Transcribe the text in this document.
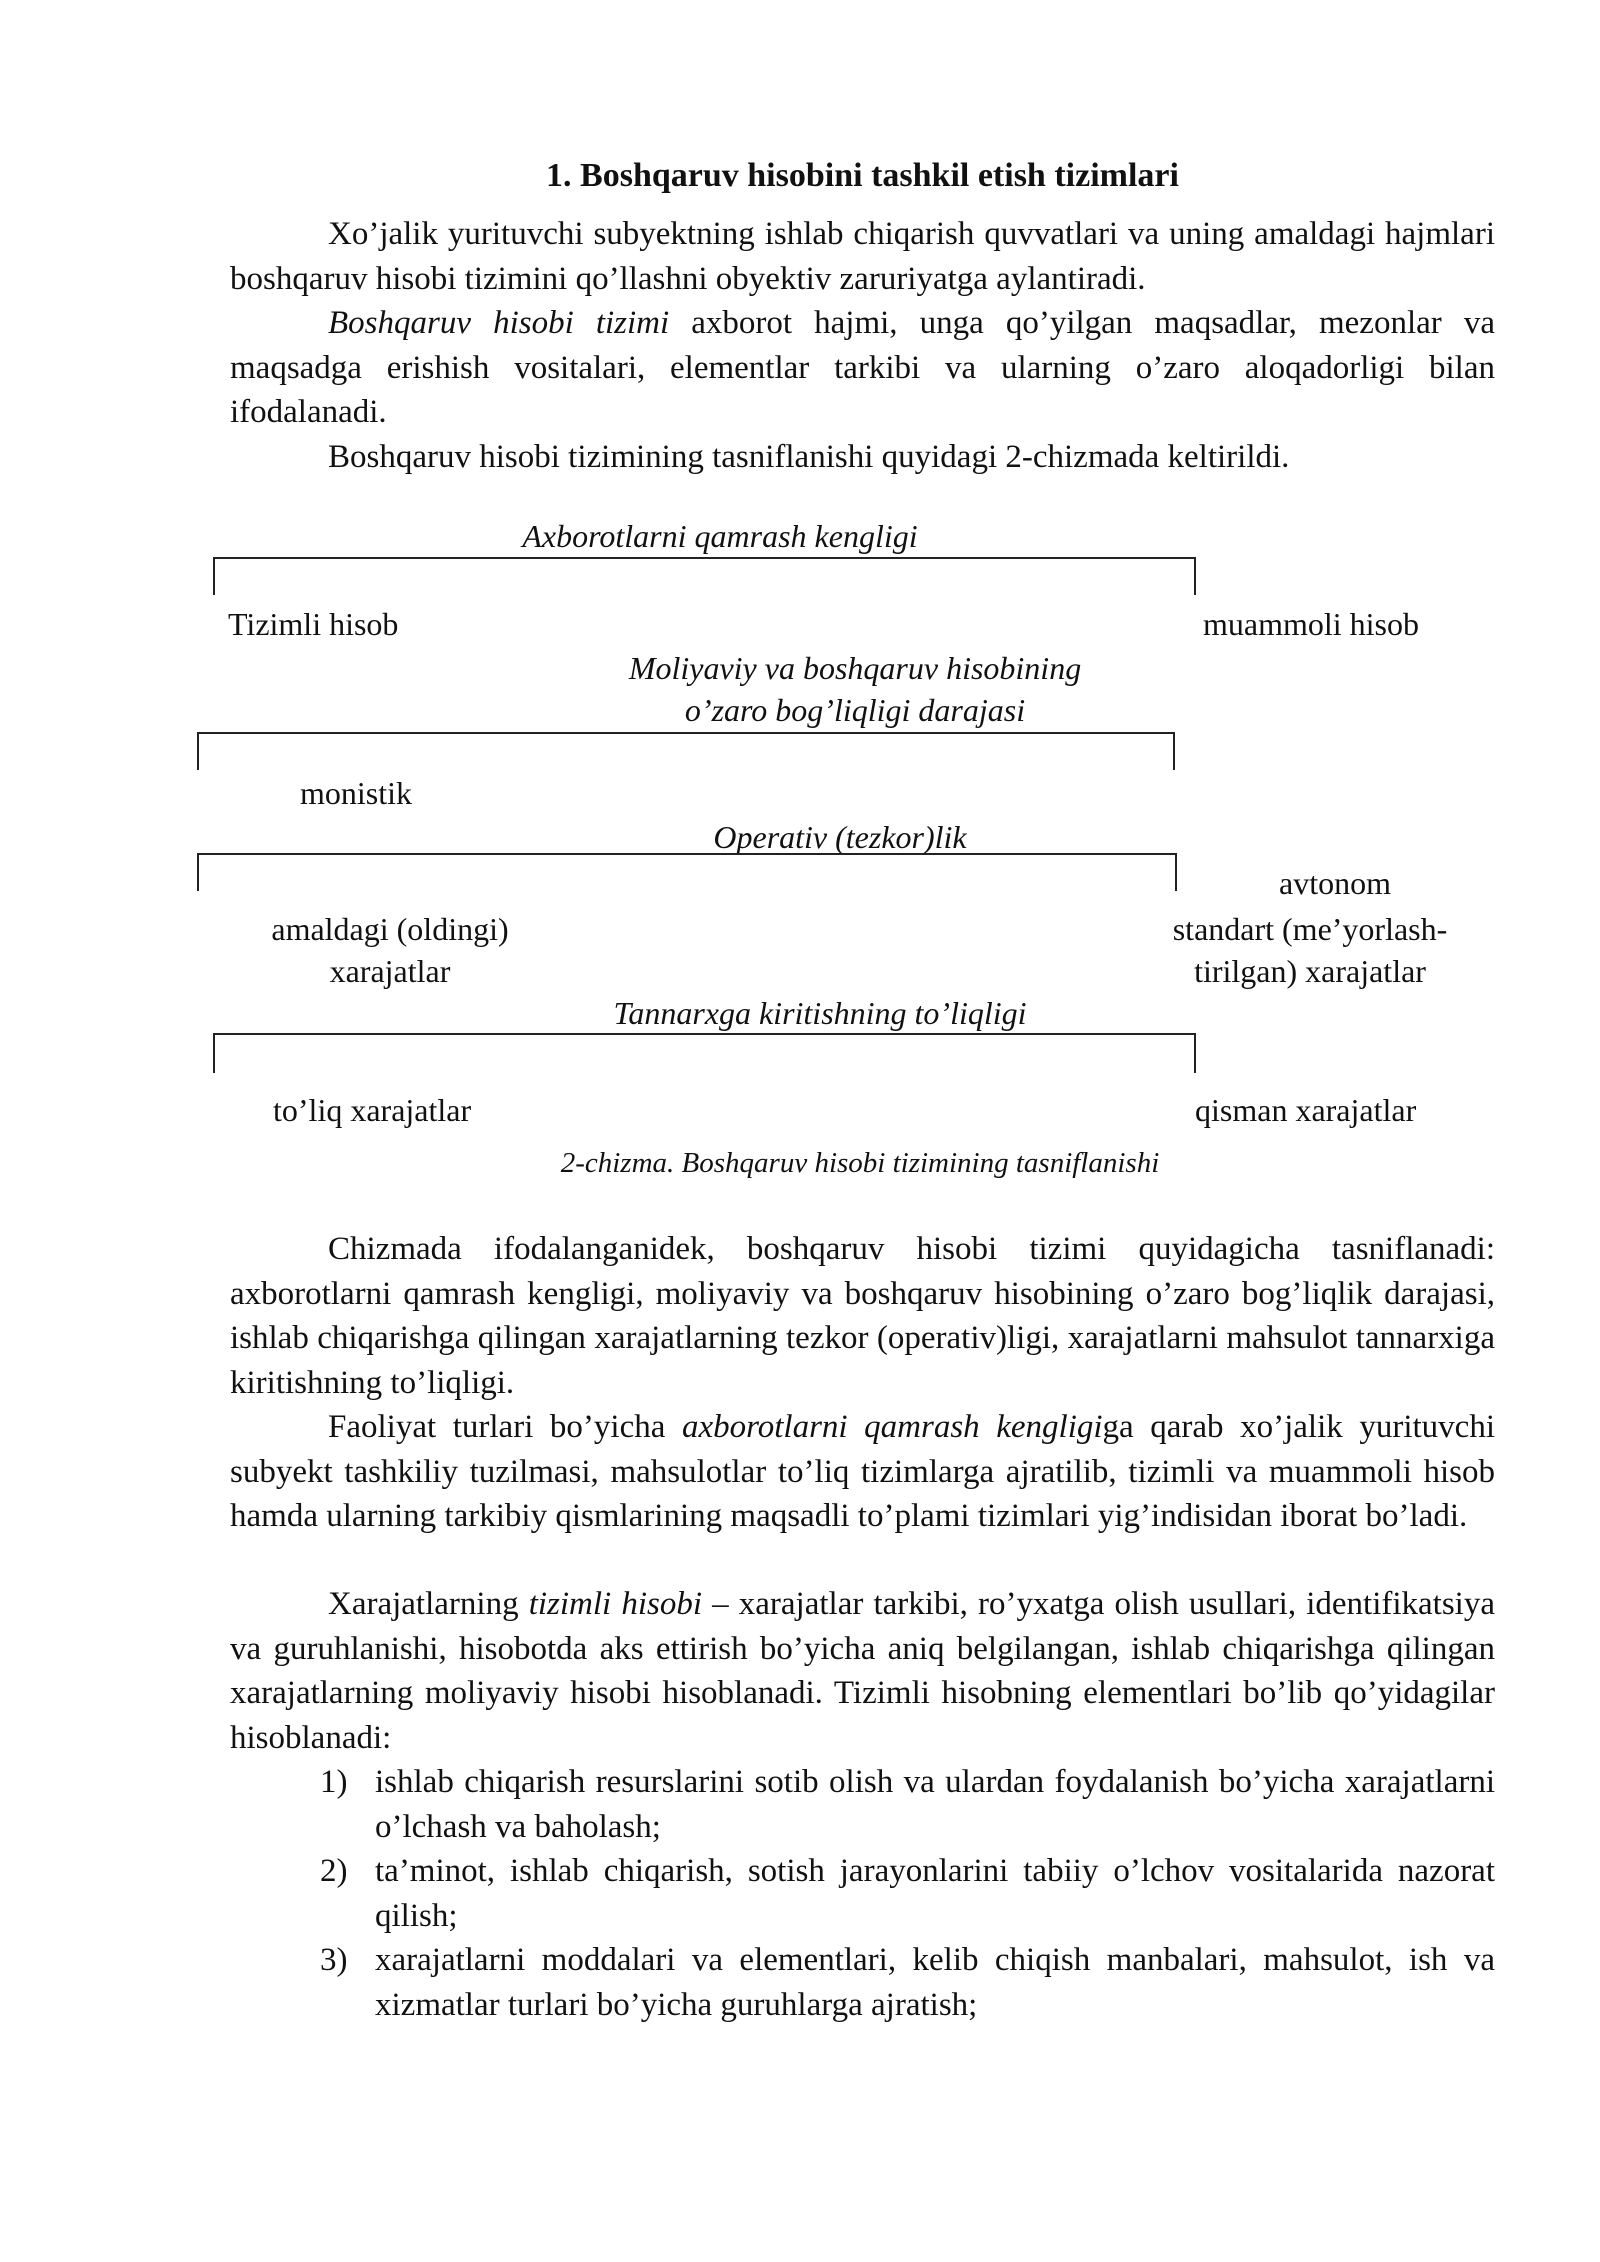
1. Boshqaruv hisobini tashkil etish tizimlari

Xo’jalik yurituvchi subyektning ishlab chiqarish quvvatlari va uning amaldagi hajmlari boshqaruv hisobi tizimini qo’llashni obyektiv zaruriyatga aylantiradi.

Boshqaruv hisobi tizimi axborot hajmi, unga qo’yilgan maqsadlar, mezonlar va maqsadga erishish vositalari, elementlar tarkibi va ularning o’zaro aloqadorligi bilan ifodalanadi.

Boshqaruv hisobi tizimining tasniflanishi quyidagi 2-chizmada keltirildi.

Axborotlarni qamrash kengligi
Tizimli hisob	muammoli hisob
Moliyaviy va boshqaruv hisobining
o’zaro bog’liqligi darajasi
monistik
avtonom
Operativ (tezkor)lik
amaldagi (oldingi)
xarajatlar
standart (me’yorlash-
tirilgan) xarajatlar
Tannarxga kiritishning to’liqligi
to’liq xarajatlar	qisman xarajatlar
2-chizma. Boshqaruv hisobi tizimining tasniflanishi

Chizmada ifodalanganidek, boshqaruv hisobi tizimi quyidagicha tasniflanadi: axborotlarni qamrash kengligi, moliyaviy va boshqaruv hisobining o’zaro bog’liqlik darajasi, ishlab chiqarishga qilingan xarajatlarning tezkor (operativ)ligi, xarajatlarni mahsulot tannarxiga kiritishning to’liqligi.

Faoliyat turlari bo’yicha axborotlarni qamrash kengligiga qarab xo’jalik yurituvchi subyekt tashkiliy tuzilmasi, mahsulotlar to’liq tizimlarga ajratilib, tizimli va muammoli hisob hamda ularning tarkibiy qismlarining maqsadli to’plami tizimlari yig’indisidan iborat bo’ladi.

Xarajatlarning tizimli hisobi – xarajatlar tarkibi, ro’yxatga olish usullari, identifikatsiya va guruhlanishi, hisobotda aks ettirish bo’yicha aniq belgilangan, ishlab chiqarishga qilingan xarajatlarning moliyaviy hisobi hisoblanadi. Tizimli hisobning elementlari bo’lib qo’yidagilar hisoblanadi:

1) ishlab chiqarish resurslarini sotib olish va ulardan foydalanish bo’yicha xarajatlarni o’lchash va baholash;
2) ta’minot, ishlab chiqarish, sotish jarayonlarini tabiiy o’lchov vositalarida nazorat qilish;
3) xarajatlarni moddalari va elementlari, kelib chiqish manbalari, mahsulot, ish va xizmatlar turlari bo’yicha guruhlarga ajratish;
